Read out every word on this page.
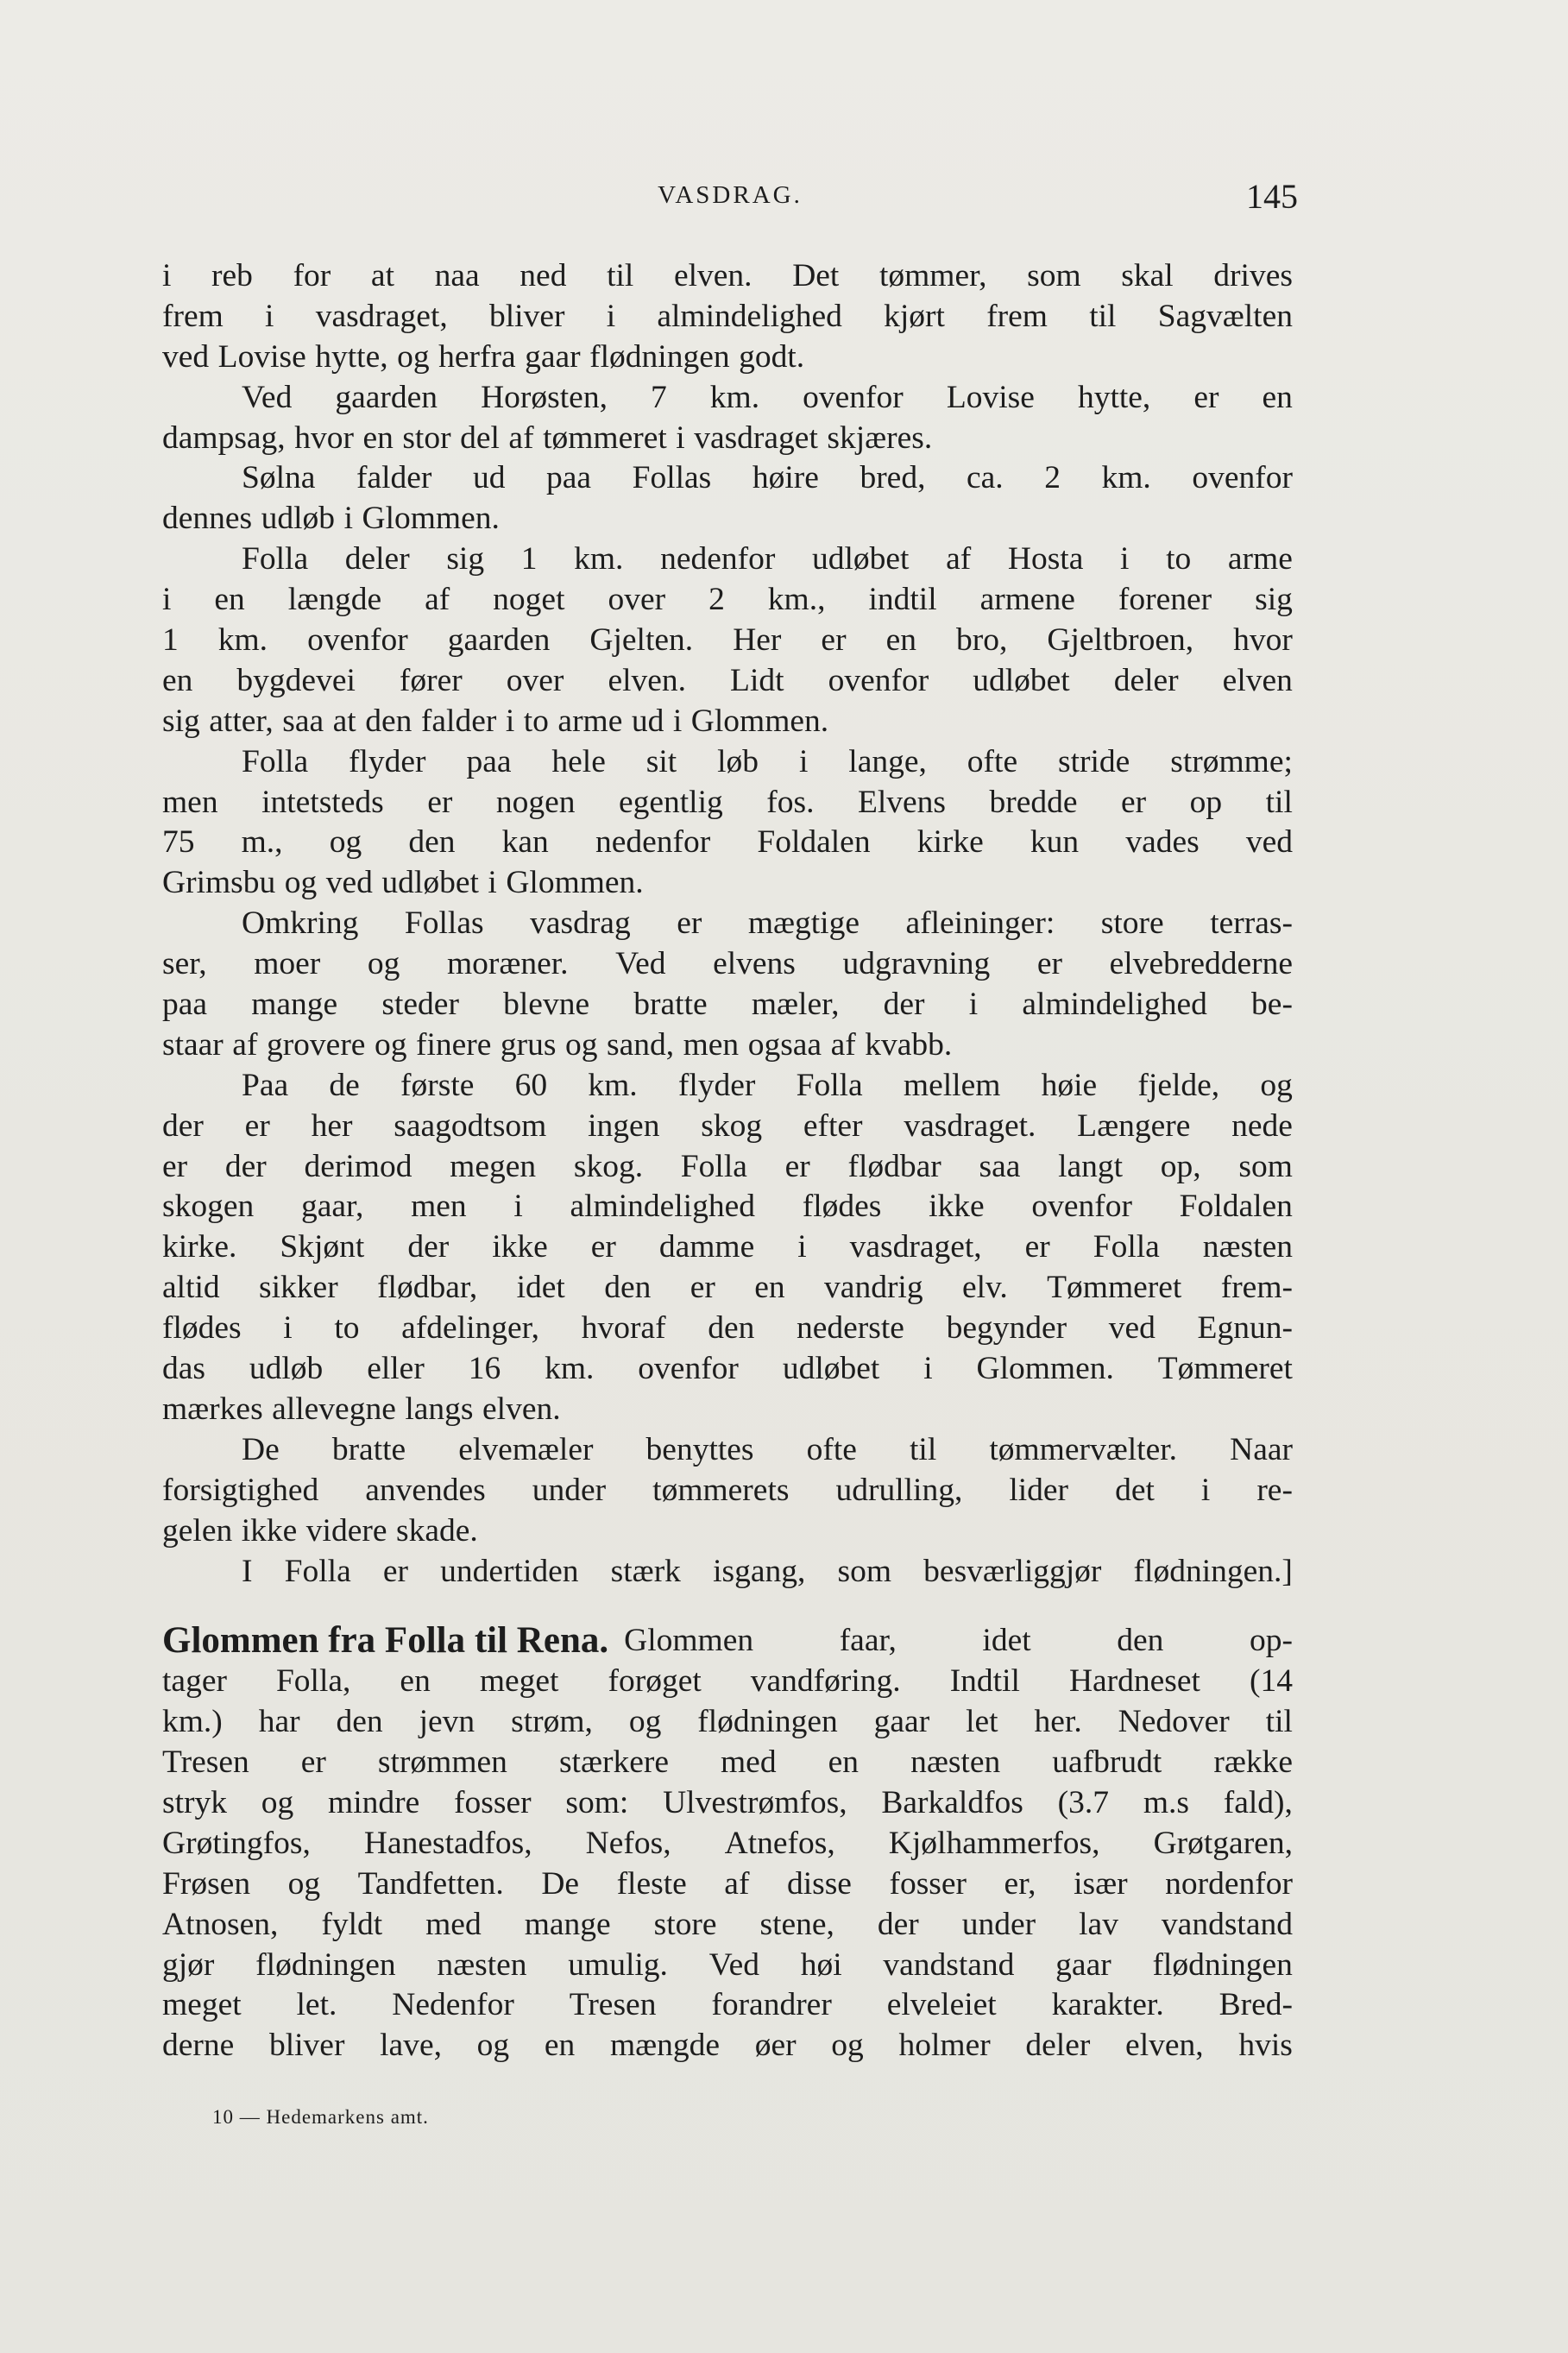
VASDRAG.	145
i reb for at naa ned til elven. Det tømmer, som skal drives
frem i vasdraget, bliver i almindelighed kjørt frem til Sagvælten
ved Lovise hytte, og herfra gaar flødningen godt.
Ved gaarden Horøsten, 7 km. ovenfor Lovise hytte, er en
dampsag, hvor en stor del af tømmeret i vasdraget skjæres.
Sølna falder ud paa Follas høire bred, ca. 2 km. ovenfor
dennes udløb i Glommen.
Folla deler sig 1 km. nedenfor udløbet af Hosta i to arme
i en længde af noget over 2 km., indtil armene forener sig
1 km. ovenfor gaarden Gjelten. Her er en bro, Gjeltbroen, hvor
en bygdevei fører over elven. Lidt ovenfor udløbet deler elven
sig atter, saa at den falder i to arme ud i Glommen.
Folla flyder paa hele sit løb i lange, ofte stride strømme;
men intetsteds er nogen egentlig fos. Elvens bredde er op til
75 m., og den kan nedenfor Foldalen kirke kun vades ved
Grimsbu og ved udløbet i Glommen.
Omkring Follas vasdrag er mægtige afleininger: store terras-
ser, moer og moræner. Ved elvens udgravning er elvebredderne
paa mange steder blevne bratte mæler, der i almindelighed be-
staar af grovere og finere grus og sand, men ogsaa af kvabb.
Paa de første 60 km. flyder Folla mellem høie fjelde, og
der er her saagodtsom ingen skog efter vasdraget. Længere nede
er der derimod megen skog. Folla er flødbar saa langt op, som
skogen gaar, men i almindelighed flødes ikke ovenfor Foldalen
kirke. Skjønt der ikke er damme i vasdraget, er Folla næsten
altid sikker flødbar, idet den er en vandrig elv. Tømmeret frem-
flødes i to afdelinger, hvoraf den nederste begynder ved Egnun-
das udløb eller 16 km. ovenfor udløbet i Glommen. Tømmeret
mærkes allevegne langs elven.
De bratte elvemæler benyttes ofte til tømmervælter. Naar
forsigtighed anvendes under tømmerets udrulling, lider det i re-
gelen ikke videre skade.
I Folla er undertiden stærk isgang, som besværliggjør flødningen.]
Glommen fra Folla til Rena. Glommen	faar,	idet	den	op-
tager Folla, en meget forøget vandføring. Indtil Hardneset (14
km.) har den jevn strøm, og flødningen gaar let her. Nedover til
Tresen er strømmen stærkere med en næsten uafbrudt række
stryk og mindre fosser som: Ulvestrømfos, Barkaldfos (3.7 m.s fald),
Grøtingfos, Hanestadfos, Nefos, Atnefos, Kjølhammerfos, Grøtgaren,
Frøsen og Tandfetten. De fleste af disse fosser er, især nordenfor
Atnosen, fyldt med mange store stene, der under lav vandstand
gjør flødningen næsten umulig. Ved høi vandstand gaar flødningen
meget let. Nedenfor Tresen forandrer elveleiet karakter. Bred-
derne bliver lave, og en mængde øer og holmer deler elven, hvis
10 — Hedemarkens amt.
